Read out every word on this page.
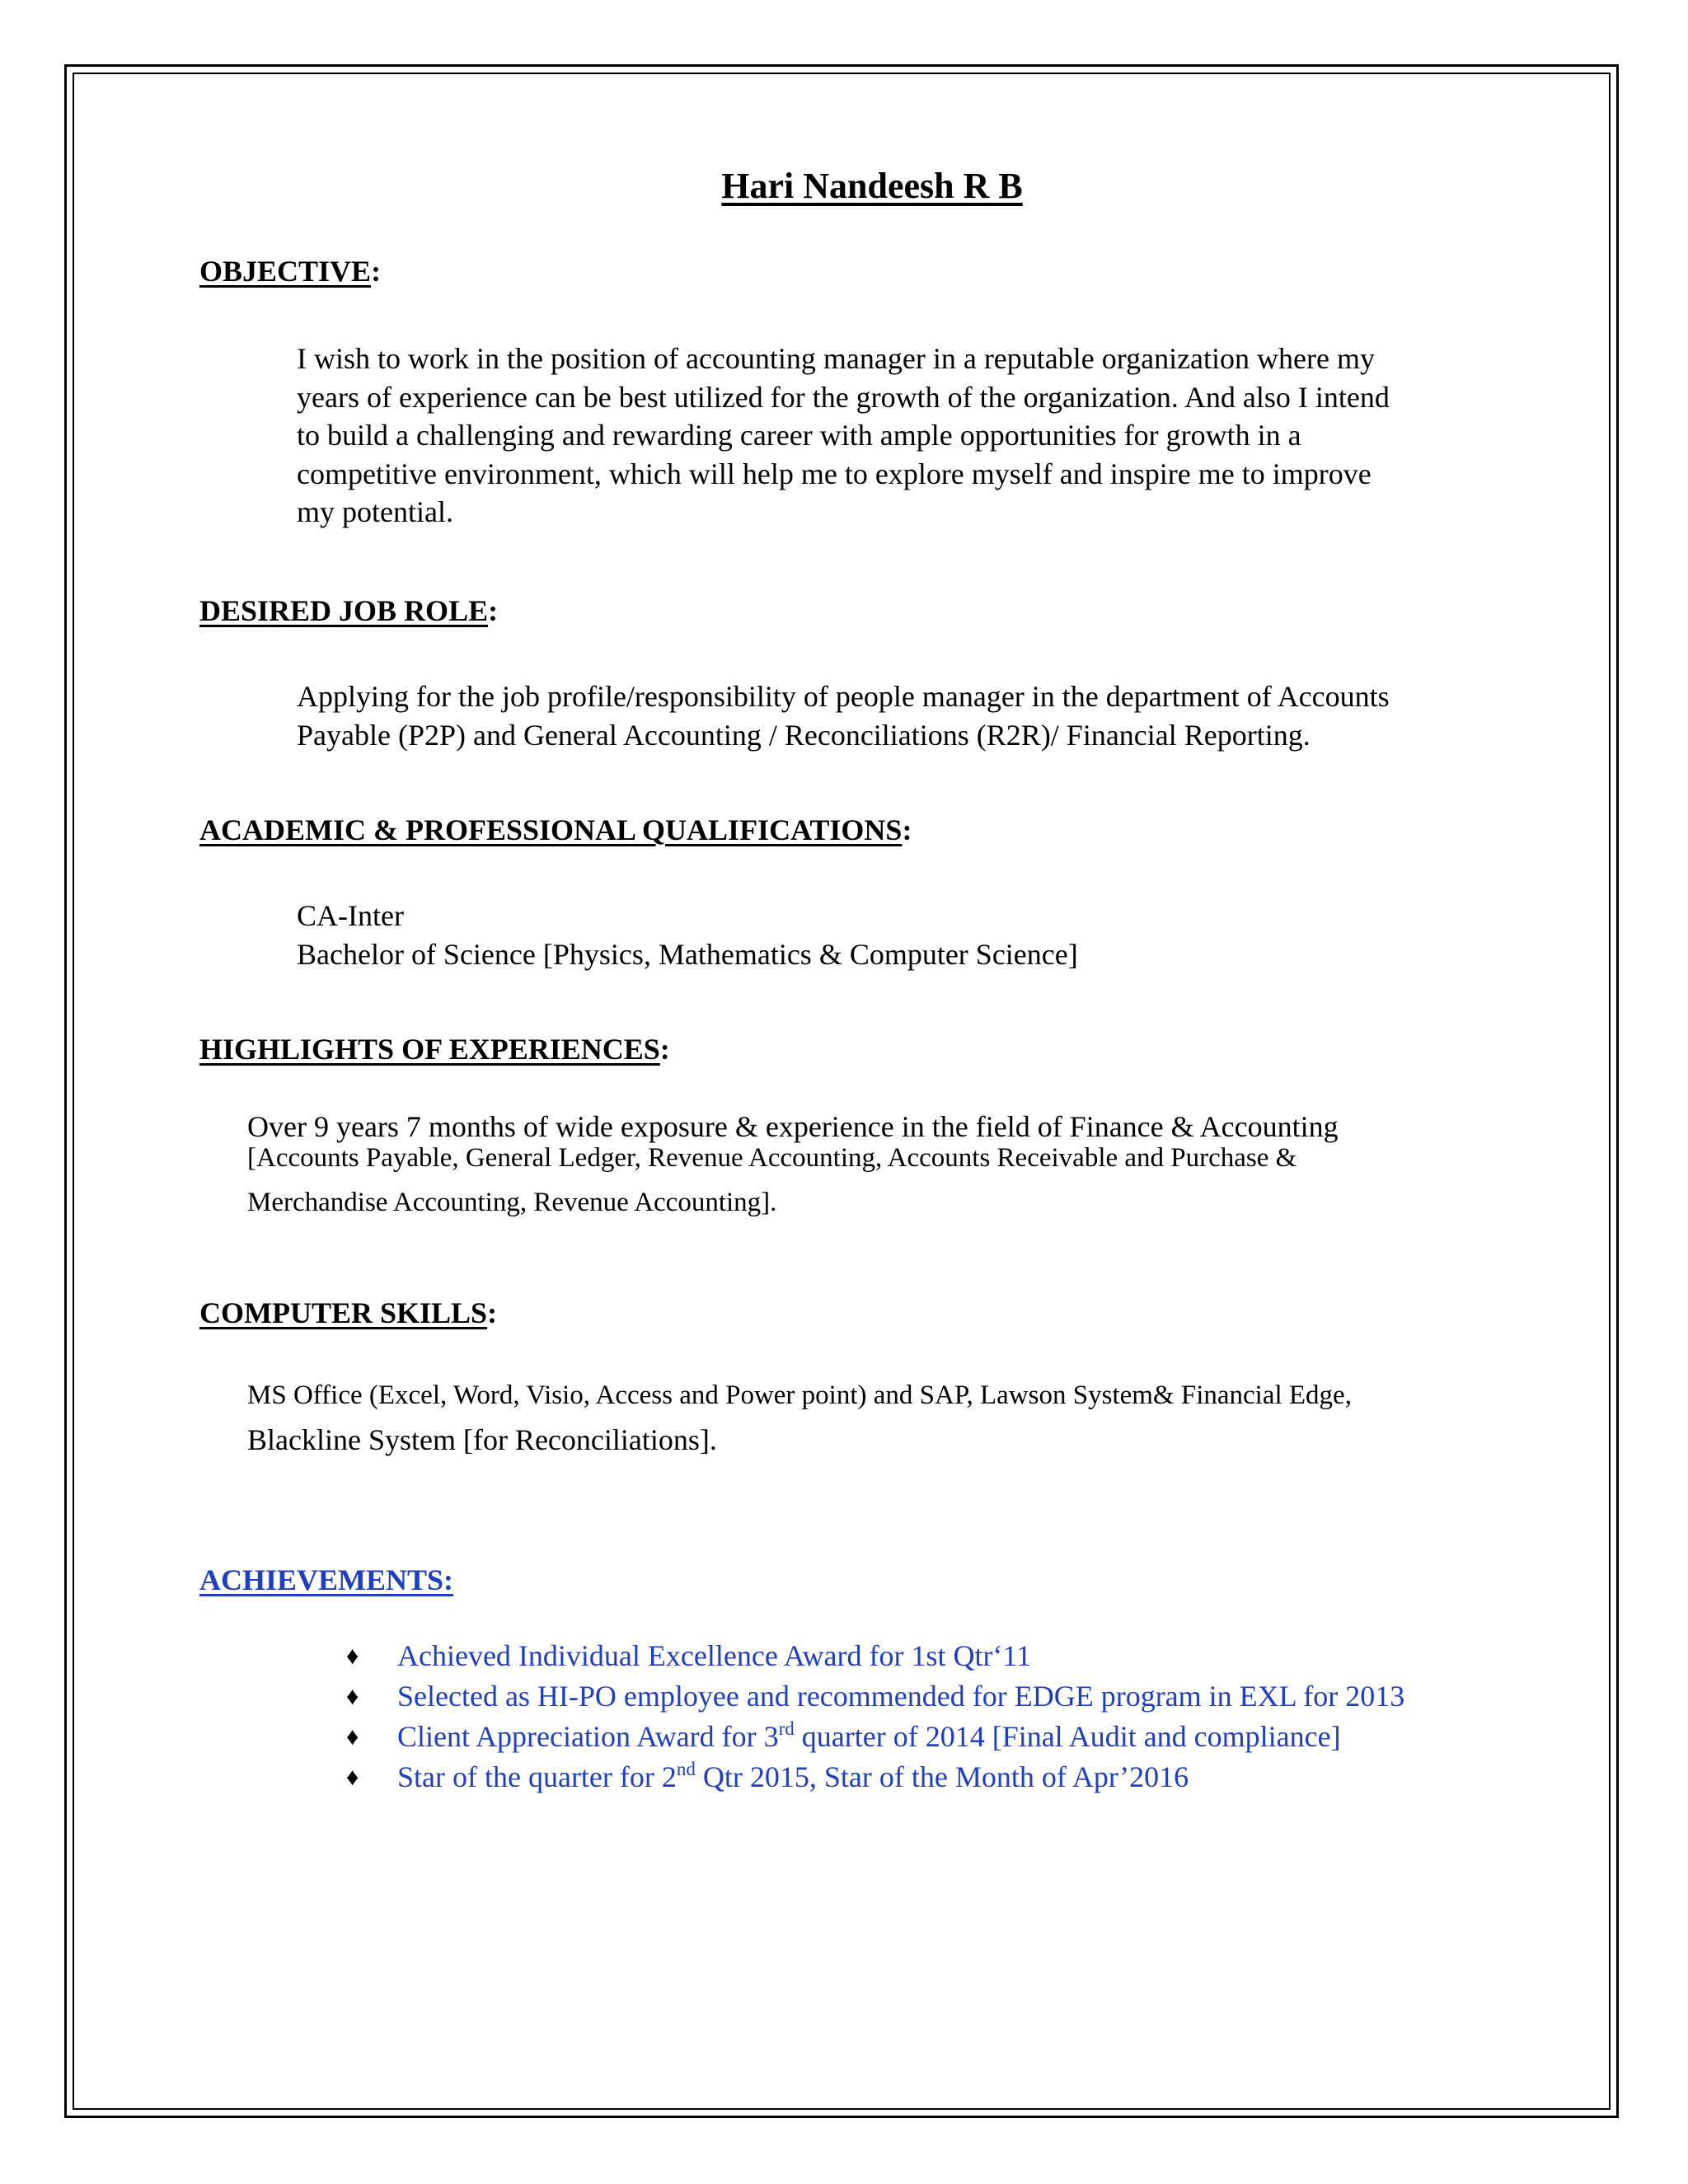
Hari Nandeesh R B
OBJECTIVE:
I wish to work in the position of accounting manager in a reputable organization where my
years of experience can be best utilized for the growth of the organization. And also I intend
to build a challenging and rewarding career with ample opportunities for growth in a
competitive environment, which will help me to explore myself and inspire me to improve
my potential.
DESIRED JOB ROLE:
Applying for the job profile/responsibility of people manager in the department of Accounts
Payable (P2P) and General Accounting / Reconciliations (R2R)/ Financial Reporting.
ACADEMIC & PROFESSIONAL QUALIFICATIONS:
CA-Inter
Bachelor of Science [Physics, Mathematics & Computer Science]
HIGHLIGHTS OF EXPERIENCES:
Over 9 years 7 months of wide exposure & experience in the field of Finance & Accounting
[Accounts Payable, General Ledger, Revenue Accounting, Accounts Receivable and Purchase &
Merchandise Accounting, Revenue Accounting].
COMPUTER SKILLS:
MS Office (Excel, Word, Visio, Access and Power point) and SAP, Lawson System& Financial Edge,
Blackline System [for Reconciliations].
ACHIEVEMENTS:
♦ Achieved Individual Excellence Award for 1st Qtr‘11
♦ Selected as HI-PO employee and recommended for EDGE program in EXL for 2013
♦ Client Appreciation Award for 3rd quarter of 2014 [Final Audit and compliance]
♦ Star of the quarter for 2nd Qtr 2015, Star of the Month of Apr’2016
